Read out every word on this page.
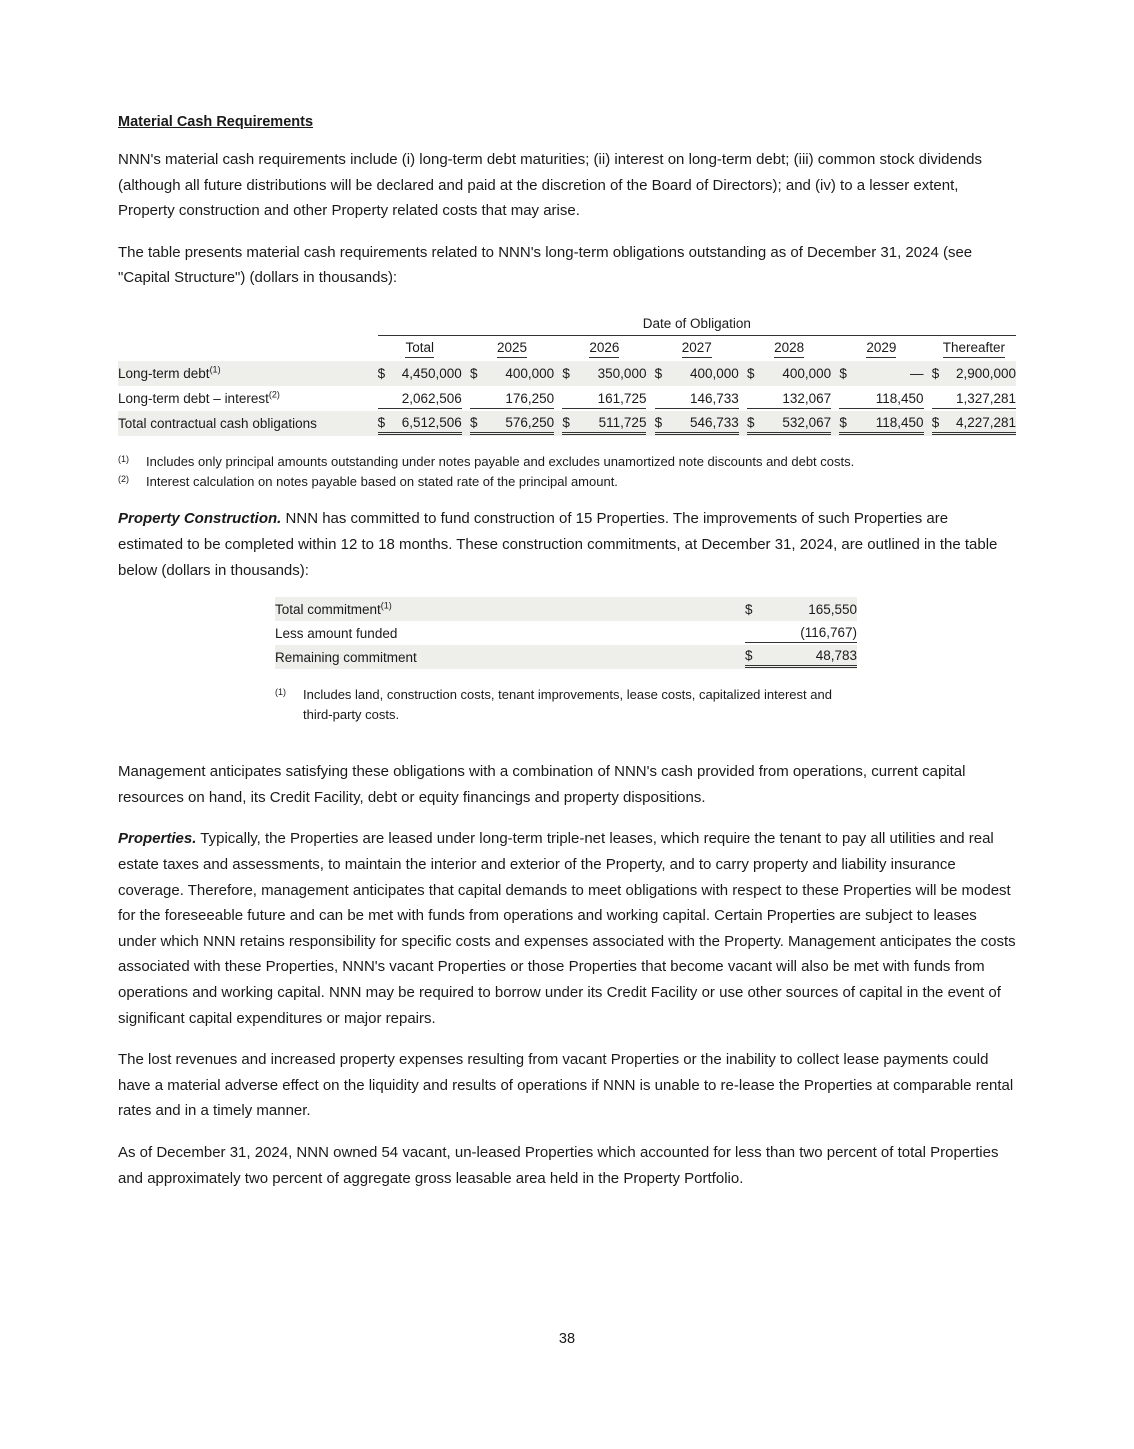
Material Cash Requirements

NNN's material cash requirements include (i) long-term debt maturities; (ii) interest on long-term debt; (iii) common stock dividends (although all future distributions will be declared and paid at the discretion of the Board of Directors); and (iv) to a lesser extent, Property construction and other Property related costs that may arise.

The table presents material cash requirements related to NNN's long-term obligations outstanding as of December 31, 2024 (see "Capital Structure") (dollars in thousands):

	Date of Obligation												
	Total		2025		2026		2027		2028		2029		Thereafter
Long-term debt$^{(1)}$	$ 4,450,000		$ 400,000		$ 350,000		$ 400,000		$ 400,000		$ —		$ 2,900,000

Long-term debt – interest$^{(2)}$	2,062,506		176,250		161,725		146,733		132,067		118,450		1,327,281

Total contractual cash obligations	$ 6,512,506		$ 576,250		$ 511,725		$ 546,733		$ 532,067		$ 118,450		$ 4,227,281
(1)	Includes only principal amounts outstanding under notes payable and excludes unamortized note discounts and debt costs.
(2)	Interest calculation on notes payable based on stated rate of the principal amount.

Property Construction. NNN has committed to fund construction of 15 Properties. The improvements of such Properties are estimated to be completed within 12 to 18 months. These construction commitments, at December 31, 2024, are outlined in the table below (dollars in thousands):

Total commitment$^{(1)}$	$ 165,550

Less amount funded	(116,767)

Remaining commitment	$ 48,783
(1)	Includes land, construction costs, tenant improvements, lease costs, capitalized interest and third-party costs.

Management anticipates satisfying these obligations with a combination of NNN's cash provided from operations, current capital resources on hand, its Credit Facility, debt or equity financings and property dispositions.

Properties. Typically, the Properties are leased under long-term triple-net leases, which require the tenant to pay all utilities and real estate taxes and assessments, to maintain the interior and exterior of the Property, and to carry property and liability insurance coverage. Therefore, management anticipates that capital demands to meet obligations with respect to these Properties will be modest for the foreseeable future and can be met with funds from operations and working capital. Certain Properties are subject to leases under which NNN retains responsibility for specific costs and expenses associated with the Property. Management anticipates the costs associated with these Properties, NNN's vacant Properties or those Properties that become vacant will also be met with funds from operations and working capital. NNN may be required to borrow under its Credit Facility or use other sources of capital in the event of significant capital expenditures or major repairs.

The lost revenues and increased property expenses resulting from vacant Properties or the inability to collect lease payments could have a material adverse effect on the liquidity and results of operations if NNN is unable to re-lease the Properties at comparable rental rates and in a timely manner.

As of December 31, 2024, NNN owned 54 vacant, un-leased Properties which accounted for less than two percent of total Properties and approximately two percent of aggregate gross leasable area held in the Property Portfolio.

38
